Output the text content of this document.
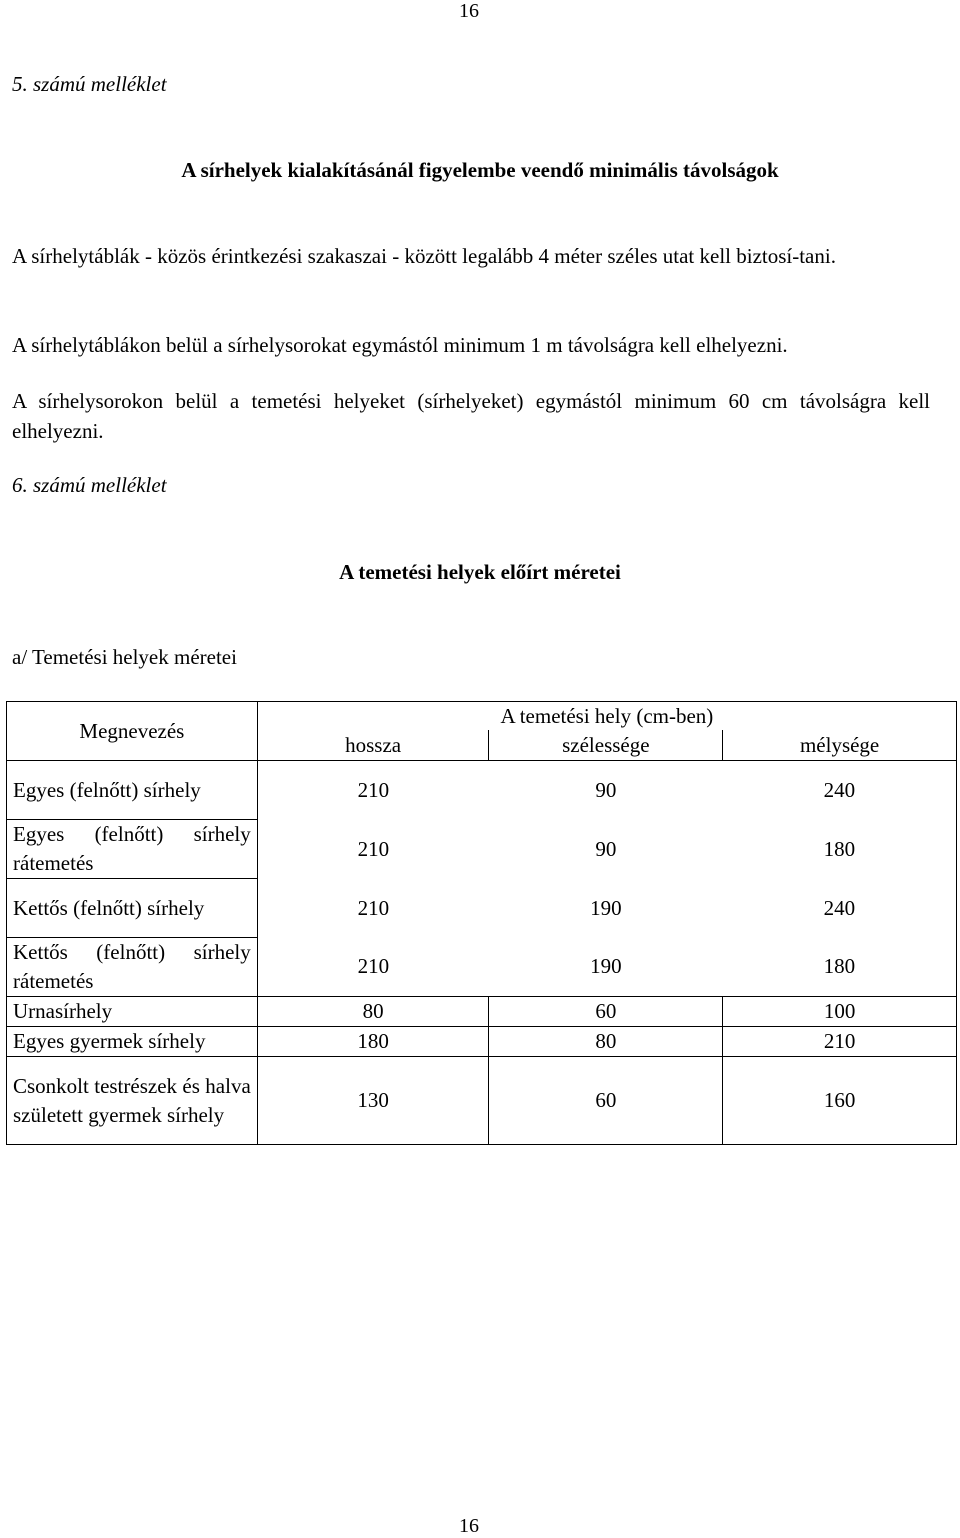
16
5. számú melléklet
A sírhelyek kialakításánál figyelembe veendő minimális távolságok
A sírhelytáblák - közös érintkezési szakaszai - között legalább 4 méter széles utat kell biztosí-tani.
A sírhelytáblákon belül a sírhelysorokat egymástól minimum 1 m távolságra kell elhelyezni.
A sírhelysorokon belül a temetési helyeket (sírhelyeket) egymástól minimum 60 cm távolságra kell elhelyezni.
6. számú melléklet
A temetési helyek előírt méretei
a/ Temetési helyek méretei
Megnevezés	A temetési hely (cm-ben)		
	hossza	szélessége	mélysége
Egyes (felnőtt) sírhely	210	90	240
Egyes (felnőtt) sírhely rátemetés	210	90	180
Kettős (felnőtt) sírhely	210	190	240
Kettős (felnőtt) sírhely rátemetés	210	190	180
Urnasírhely	80	60	100
Egyes gyermek sírhely	180	80	210
Csonkolt testrészek és halva született gyermek sírhely	130	60	160
16
